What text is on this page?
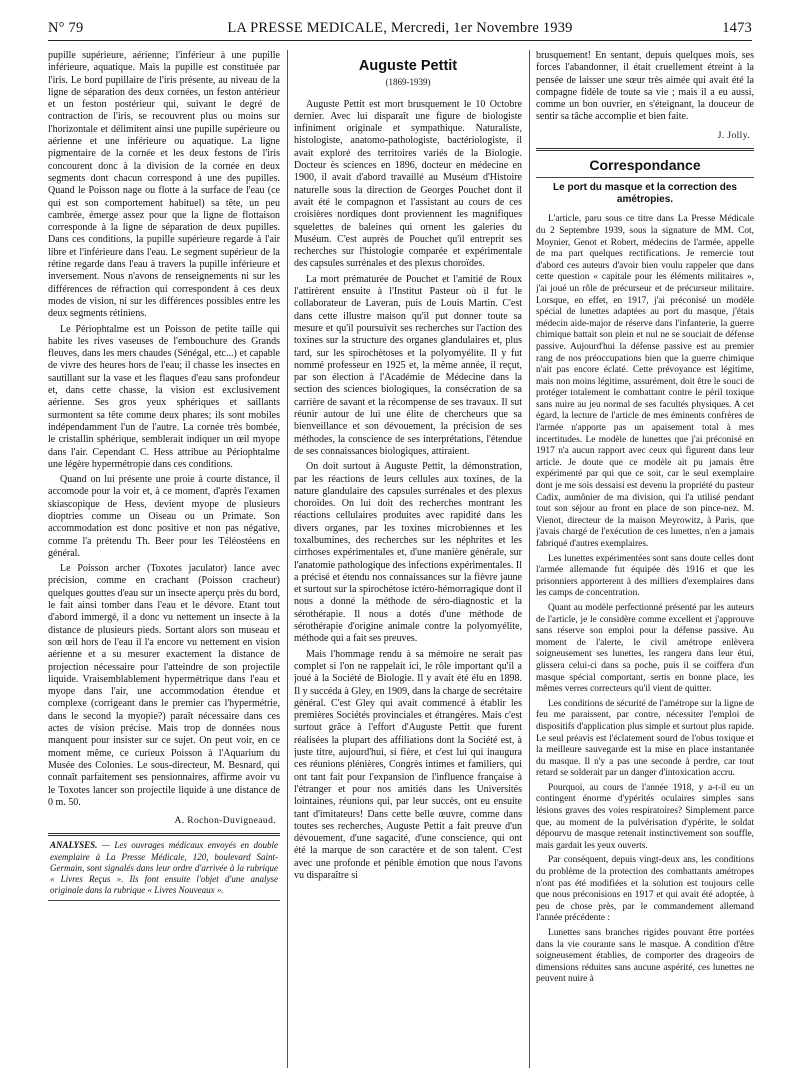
N° 79	LA PRESSE MEDICALE, Mercredi, 1er Novembre 1939	1473

pupille supérieure, aérienne; l'inférieur à une pupille inférieure, aquatique. Mais la pupille est constituée par l'iris. Le bord pupillaire de l'iris présente, au niveau de la ligne de séparation des deux cornées, un feston antérieur et un feston postérieur qui, suivant le degré de contraction de l'iris, se recouvrent plus ou moins sur l'horizontale et délimitent ainsi une pupille supérieure ou aérienne et une inférieure ou aquatique. La ligne pigmentaire de la cornée et les deux festons de l'iris concourent donc à la division de la cornée en deux segments dont chacun correspond à une des pupilles. Quand le Poisson nage ou flotte à la surface de l'eau (ce qui est son comportement habituel) sa tête, un peu cambrée, émerge assez pour que la ligne de flottaison corresponde à la ligne de séparation de deux pupilles. Dans ces conditions, la pupille supérieure regarde à l'air libre et l'inférieure dans l'eau. Le segment supérieur de la rétine regarde dans l'eau à travers la pupille inférieure et inversement. Nous n'avons de renseignements ni sur les différences de réfraction qui correspondent à ces deux modes de vision, ni sur les différences possibles entre les deux segments rétiniens.

Le Périophtalme est un Poisson de petite taille qui habite les rives vaseuses de l'embouchure des Grands fleuves, dans les mers chaudes (Sénégal, etc...) et capable de vivre des heures hors de l'eau; il chasse les insectes en sautillant sur la vase et les flaques d'eau sans profondeur et, dans cette chasse, la vision est exclusivement aérienne. Ses gros yeux sphériques et saillants surmontent sa tête comme deux phares; ils sont mobiles indépendamment l'un de l'autre. La cornée très bombée, le cristallin sphérique, semblerait indiquer un œil myope dans l'air. Cependant C. Hess attribue au Périophtalme une légère hypermétropie dans ces conditions.

Quand on lui présente une proie à courte distance, il accomode pour la voir et, à ce moment, d'après l'examen skiascopique de Hess, devient myope de plusieurs dioptries comme un Oiseau ou un Primate. Son accommodation est donc positive et non pas négative, comme l'a prétendu Th. Beer pour les Téléostéens en général.

Le Poisson archer (Toxotes jaculator) lance avec précision, comme en crachant (Poisson cracheur) quelques gouttes d'eau sur un insecte aperçu près du bord, le fait ainsi tomber dans l'eau et le dévore. Etant tout d'abord immergé, il a donc vu nettement un insecte à la distance de plusieurs pieds. Sortant alors son museau et son œil hors de l'eau il l'a encore vu nettement en vision aérienne et a su mesurer exactement la distance de projection nécessaire pour l'atteindre de son projectile liquide. Vraisemblablement hypermétrique dans l'eau et myope dans l'air, une accommodation étendue et complexe (corrigeant dans le premier cas l'hypermétrie, dans le second la myopie?) paraît nécessaire dans ces actes de vision précise. Mais trop de données nous manquent pour insister sur ce sujet. On peut voir, en ce moment même, ce curieux Poisson à l'Aquarium du Musée des Colonies. Le sous-directeur, M. Besnard, qui connaît parfaitement ses pensionnaires, affirme avoir vu le Toxotes lancer son projectile liquide à une distance de 0 m. 50.

A. Rochon-Duvigneaud.

ANALYSES. — Les ouvrages médicaux envoyés en double exemplaire à La Presse Médicale, 120, boulevard Saint-Germain, sont signalés dans leur ordre d'arrivée à la rubrique « Livres Reçus ». Ils font ensuite l'objet d'une analyse originale dans la rubrique « Livres Nouveaux ».

Auguste Pettit

(1869-1939)

Auguste Pettit est mort brusquement le 10 Octobre dernier. Avec lui disparaît une figure de biologiste infiniment originale et sympathique. Naturaliste, histologiste, anatomo-pathologiste, bactériologiste, il avait exploré des territoires variés de la Biologie. Docteur ès sciences en 1896, docteur en médecine en 1900, il avait d'abord travaillé au Muséum d'Histoire naturelle sous la direction de Georges Pouchet dont il avait été le compagnon et l'assistant au cours de ces croisières nordiques dont proviennent les magnifiques squelettes de baleines qui ornent les galeries du Muséum. C'est auprès de Pouchet qu'il entreprit ses recherches sur l'histologie comparée et expérimentale des capsules surrénales et des plexus choroïdes.

La mort prématurée de Pouchet et l'amitié de Roux l'attirèrent ensuite à l'Institut Pasteur où il fut le collaborateur de Laveran, puis de Louis Martin. C'est dans cette illustre maison qu'il put donner toute sa mesure et qu'il poursuivit ses recherches sur l'action des toxines sur la structure des organes glandulaires et, plus tard, sur les spirochètoses et la polyomyélite. Il y fut nommé professeur en 1925 et, la même année, il reçut, par son élection à l'Académie de Médecine dans la section des sciences biologiques, la consécration de sa carrière de savant et la récompense de ses travaux. Il sut réunir autour de lui une élite de chercheurs que sa bienveillance et son dévouement, la précision de ses méthodes, la conscience de ses interprétations, l'étendue de ses connaissances biologiques, attiraient.

On doit surtout à Auguste Pettit, la démonstration, par les réactions de leurs cellules aux toxines, de la nature glandulaire des capsules surrénales et des plexus choroïdes. On lui doit des recherches montrant les réactions cellulaires produites avec rapidité dans les divers organes, par les toxines microbiennes et les toxalbumines, des recherches sur les néphrites et les cirrhoses expérimentales et, d'une manière générale, sur l'anatomie pathologique des infections expérimentales. Il a précisé et étendu nos connaissances sur la fièvre jaune et surtout sur la spirochétose ictéro-hémorragique dont il nous a donné la méthode de séro-diagnostic et la sérothérapie. Il nous a dotés d'une méthode de sérothérapie d'origine animale contre la polyomyélite, méthode qui a fait ses preuves.

Mais l'hommage rendu à sa mémoire ne serait pas complet si l'on ne rappelait ici, le rôle important qu'il a joué à la Société de Biologie. Il y avait été élu en 1898. Il y succéda à Gley, en 1909, dans la charge de secrétaire général. C'est Gley qui avait commencé à établir les premières Sociétés provinciales et étrangères. Mais c'est surtout grâce à l'effort d'Auguste Pettit que furent réalisées la plupart des affiliations dont la Société est, à juste titre, aujourd'hui, si fière, et c'est lui qui inaugura ces réunions plénières, Congrès intimes et familiers, qui ont tant fait pour l'expansion de l'influence française à l'étranger et pour nos amitiés dans les Universités lointaines, réunions qui, par leur succès, ont eu ensuite tant d'imitateurs! Dans cette belle œuvre, comme dans toutes ses recherches, Auguste Pettit a fait preuve d'un dévouement, d'une sagacité, d'une conscience, qui ont été la marque de son caractère et de son talent. C'est avec une profonde et pénible émotion que nous l'avons vu disparaître si

brusquement! En sentant, depuis quelques mois, ses forces l'abandonner, il était cruellement étreint à la pensée de laisser une sœur très aimée qui avait été la compagne fidèle de toute sa vie ; mais il a eu aussi, comme un bon ouvrier, en s'éteignant, la douceur de sentir sa tâche accomplie et bien faite.

J. Jolly.

Correspondance

Le port du masque et la correction des amétropies.

L'article, paru sous ce titre dans La Presse Médicale du 2 Septembre 1939, sous la signature de MM. Cot, Moynier, Genot et Robert, médecins de l'armée, appelle de ma part quelques rectifications. Je remercie tout d'abord ces auteurs d'avoir bien voulu rappeler que dans cette question « capitale pour les éléments militaires », j'ai joué un rôle de précurseur et de précurseur militaire. Lorsque, en effet, en 1917, j'ai préconisé un modèle spécial de lunettes adaptées au port du masque, j'étais médecin aide-major de réserve dans l'infanterie, la guerre chimique battait son plein et nul ne se souciait de défense passive. Aujourd'hui la défense passive est au premier rang de nos préoccupations bien que la guerre chimique n'ait pas encore éclaté. Cette prévoyance est légitime, mais non moins légitime, assurément, doit être le souci de protéger totalement le combattant contre le péril toxique sans nuire au jeu normal de ses facultés physiques. A cet égard, la lecture de l'article de mes éminents confrères de l'armée n'apporte pas un apaisement total à mes incertitudes. Le modèle de lunettes que j'ai préconisé en 1917 n'a aucun rapport avec ceux qui figurent dans leur article. Je doute que ce modèle ait pu jamais être expérimenté par qui que ce soit, car le seul exemplaire dont je me sois dessaisi est devenu la propriété du pasteur Cadix, aumônier de ma division, qui l'a utilisé pendant tout son séjour au front en place de son pince-nez. M. Vienot, directeur de la maison Meyrowitz, à Paris, que j'avais chargé de l'exécution de ces lunettes, n'en a jamais fabriqué d'autres exemplaires.

Les lunettes expérimentées sont sans doute celles dont l'armée allemande fut équipée dès 1916 et que les prisonniers apporterent à des milliers d'exemplaires dans les camps de concentration.

Quant au modèle perfectionné présenté par les auteurs de l'article, je le considère comme excellent et j'approuve sans réserve son emploi pour la défense passive. Au moment de l'alerte, le civil amétrope enlèvera soigneusement ses lunettes, les rangera dans leur étui, glissera celui-ci dans sa poche, puis il se coiffera d'un masque spécial comportant, sertis en bonne place, les mêmes verres correcteurs qu'il vient de quitter.

Les conditions de sécurité de l'amétrope sur la ligne de feu me paraissent, par contre, nécessiter l'emploi de dispositifs d'application plus simple et surtout plus rapide. Le seul préavis est l'éclatement sourd de l'obus toxique et la meilleure sauvegarde est la mise en place instantanée du masque. Il n'y a pas une seconde à perdre, car tout retard se solderait par un danger d'intoxication accru.

Pourquoi, au cours de l'année 1918, y a-t-il eu un contingent énorme d'ypérités oculaires simples sans lésions graves des voies respiratoires? Simplement parce que, au moment de la pulvérisation d'ypérite, le soldat dépourvu de masque retenait instinctivement son souffle, mais gardait les yeux ouverts.

Par conséquent, depuis vingt-deux ans, les conditions du problème de la protection des combattants amétropes n'ont pas été modifiées et la solution est toujours celle que nous préconisions en 1917 et qui avait été adoptée, à peu de chose près, par le commandement allemand l'année précédente :

Lunettes sans branches rigides pouvant être portées dans la vie courante sans le masque. A condition d'être soigneusement établies, de comporter des drageoirs de dimensions réduites sans aucune aspérité, ces lunettes ne peuvent nuire à
